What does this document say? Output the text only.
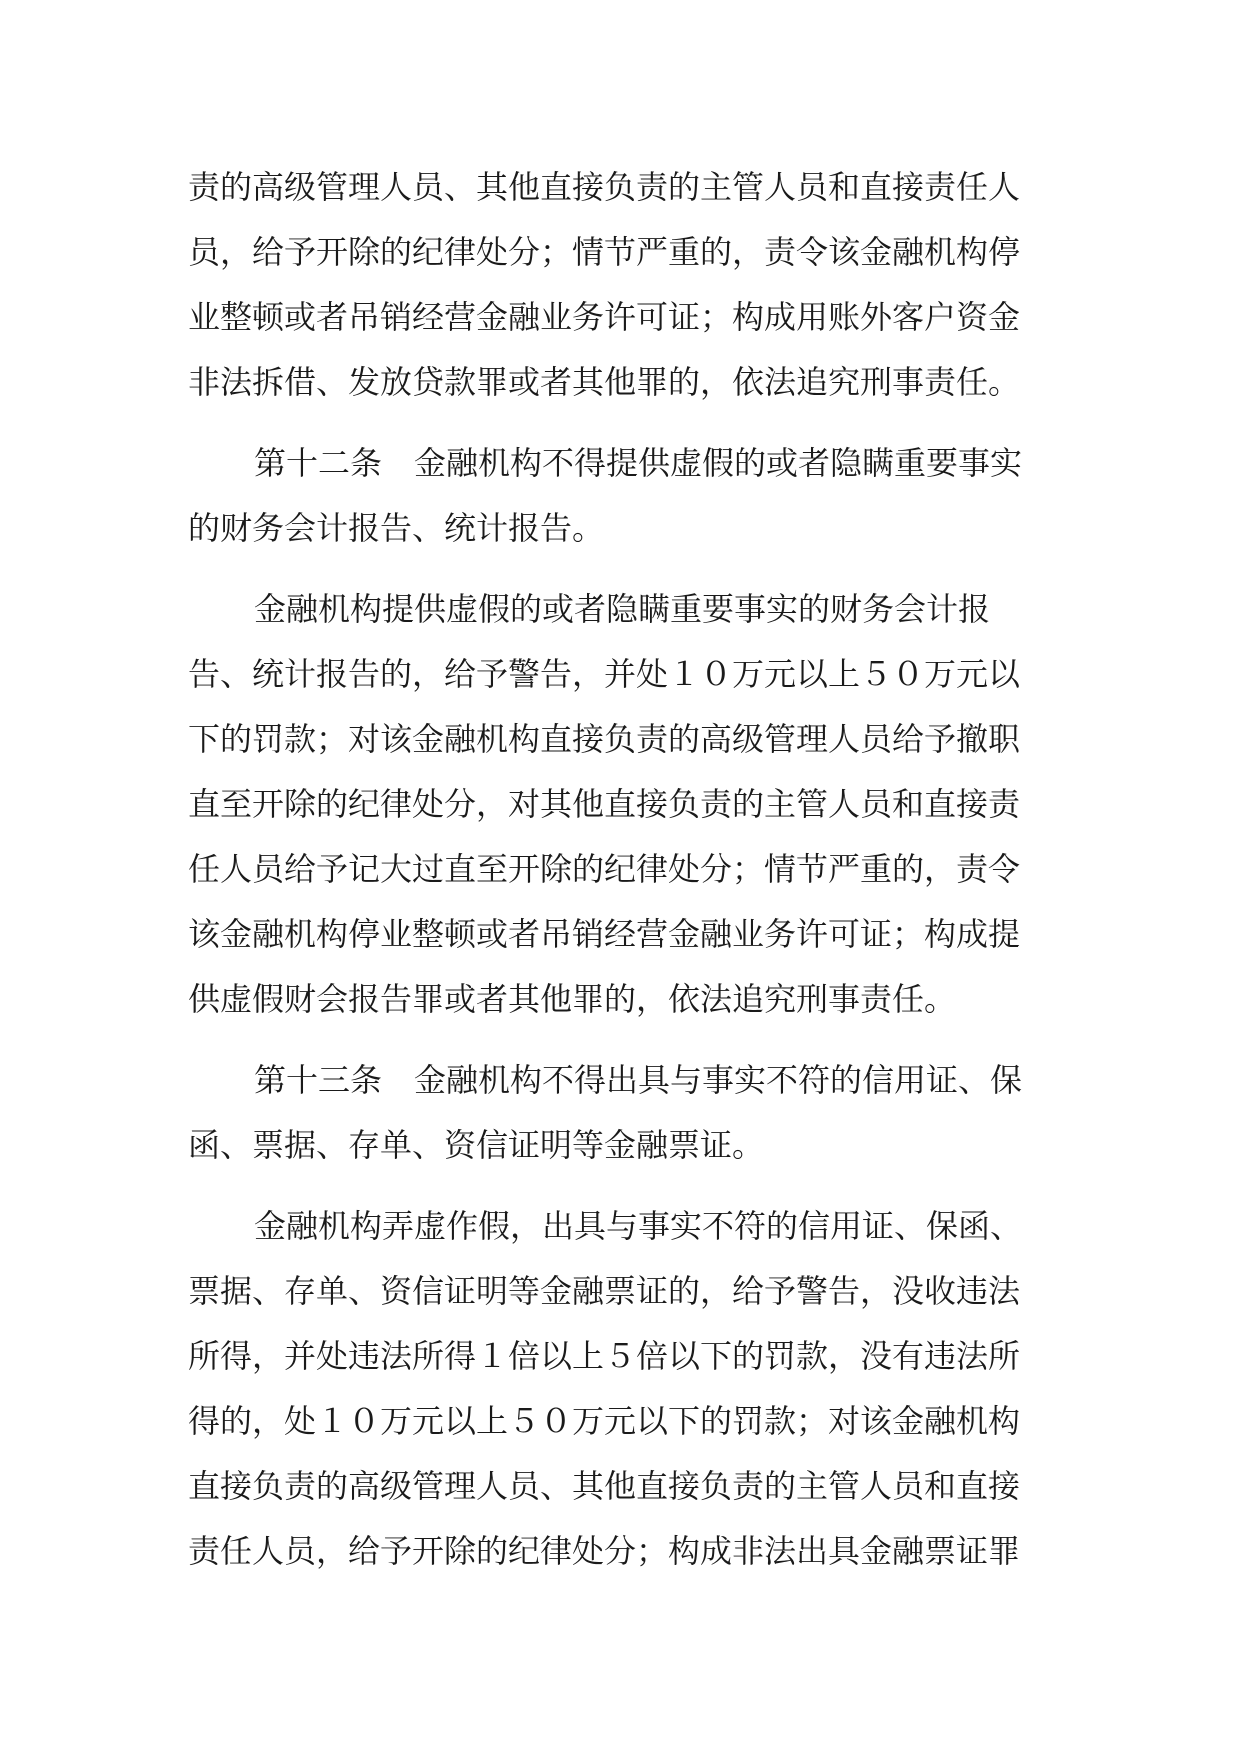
责的高级管理人员、其他直接负责的主管人员和直接责任人
员，给予开除的纪律处分；情节严重的，责令该金融机构停
业整顿或者吊销经营金融业务许可证；构成用账外客户资金
非法拆借、发放贷款罪或者其他罪的，依法追究刑事责任。
第十二条　金融机构不得提供虚假的或者隐瞒重要事实
的财务会计报告、统计报告。
金融机构提供虚假的或者隐瞒重要事实的财务会计报
告、统计报告的，给予警告，并处１０万元以上５０万元以
下的罚款；对该金融机构直接负责的高级管理人员给予撤职
直至开除的纪律处分，对其他直接负责的主管人员和直接责
任人员给予记大过直至开除的纪律处分；情节严重的，责令
该金融机构停业整顿或者吊销经营金融业务许可证；构成提
供虚假财会报告罪或者其他罪的，依法追究刑事责任。
第十三条　金融机构不得出具与事实不符的信用证、保
函、票据、存单、资信证明等金融票证。
金融机构弄虚作假，出具与事实不符的信用证、保函、
票据、存单、资信证明等金融票证的，给予警告，没收违法
所得，并处违法所得１倍以上５倍以下的罚款，没有违法所
得的，处１０万元以上５０万元以下的罚款；对该金融机构
直接负责的高级管理人员、其他直接负责的主管人员和直接
责任人员，给予开除的纪律处分；构成非法出具金融票证罪
